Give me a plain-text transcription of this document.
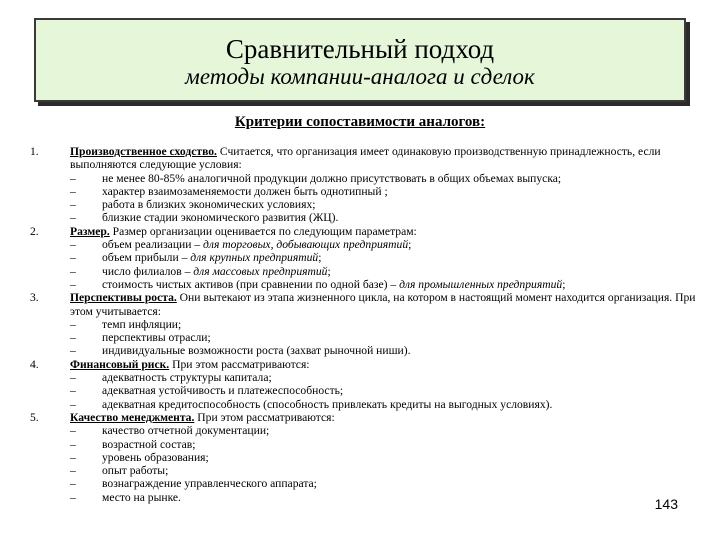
Сравнительный подход
методы компании-аналога и сделок
Критерии сопоставимости аналогов:
1.	Производственное сходство. Считается, что организация имеет одинаковую производственную принадлежность, если выполняются следующие условия:
– не менее 80-85% аналогичной продукции должно присутствовать в общих объемах выпуска;
– характер взаимозаменяемости должен быть однотипный ;
– работа в близких экономических условиях;
– близкие стадии экономического развития (ЖЦ).
2.	Размер. Размер организации оценивается по следующим параметрам:
– объем реализации – для торговых, добывающих предприятий;
– объем прибыли – для крупных предприятий;
– число филиалов – для массовых предприятий;
– стоимость чистых активов (при сравнении по одной базе) – для промышленных предприятий;
3.	Перспективы роста. Они вытекают из этапа жизненного цикла, на котором в настоящий момент находится организация. При этом учитывается:
– темп инфляции;
– перспективы отрасли;
– индивидуальные возможности роста (захват рыночной ниши).
4.	Финансовый риск. При этом рассматриваются:
– адекватность структуры капитала;
– адекватная устойчивость и платежеспособность;
– адекватная кредитоспособность (способность привлекать кредиты на выгодных условиях).
5.	Качество менеджмента. При этом рассматриваются:
– качество отчетной документации;
– возрастной состав;
– уровень образования;
– опыт работы;
– вознаграждение управленческого аппарата;
– место на рынке.	143
